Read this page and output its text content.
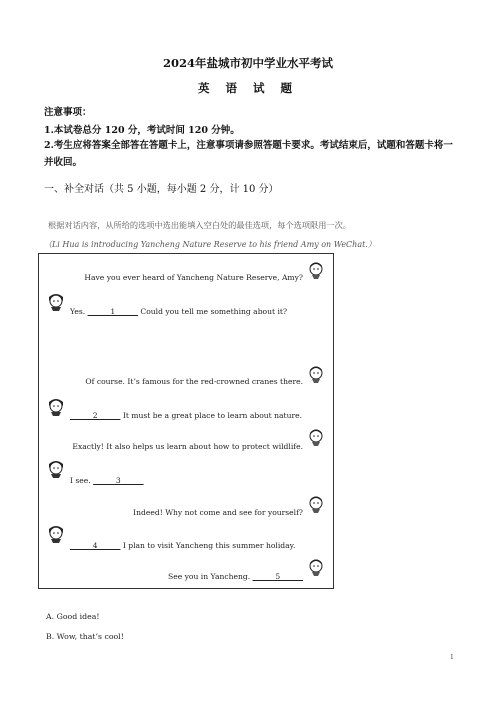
2024年盐城市初中学业水平考试
英 语 试 题
注意事项：
1.本试卷总分 120 分，考试时间 120 分钟。
2.考生应将答案全部答在答题卡上，注意事项请参照答题卡要求。考试结束后，试题和答题卡将一并收回。
一、补全对话（共 5 小题，每小题 2 分，计 10 分）
根据对话内容，从所给的选项中选出能填入空白处的最佳选项，每个选项限用一次。
（Li Hua is introducing Yancheng Nature Reserve to his friend Amy on WeChat.）
Have you ever heard of Yancheng Nature Reserve, Amy?
Yes. ______1______ Could you tell me something about it?
Of course. It’s famous for the red-crowned cranes there.
______2______ It must be a great place to learn about nature.
Exactly! It also helps us learn about how to protect wildlife.
I see. ______3______
Indeed! Why not come and see for yourself?
______4______ I plan to visit Yancheng this summer holiday.
See you in Yancheng. ______5______
A. Good idea!
B. Wow, that’s cool!
1
